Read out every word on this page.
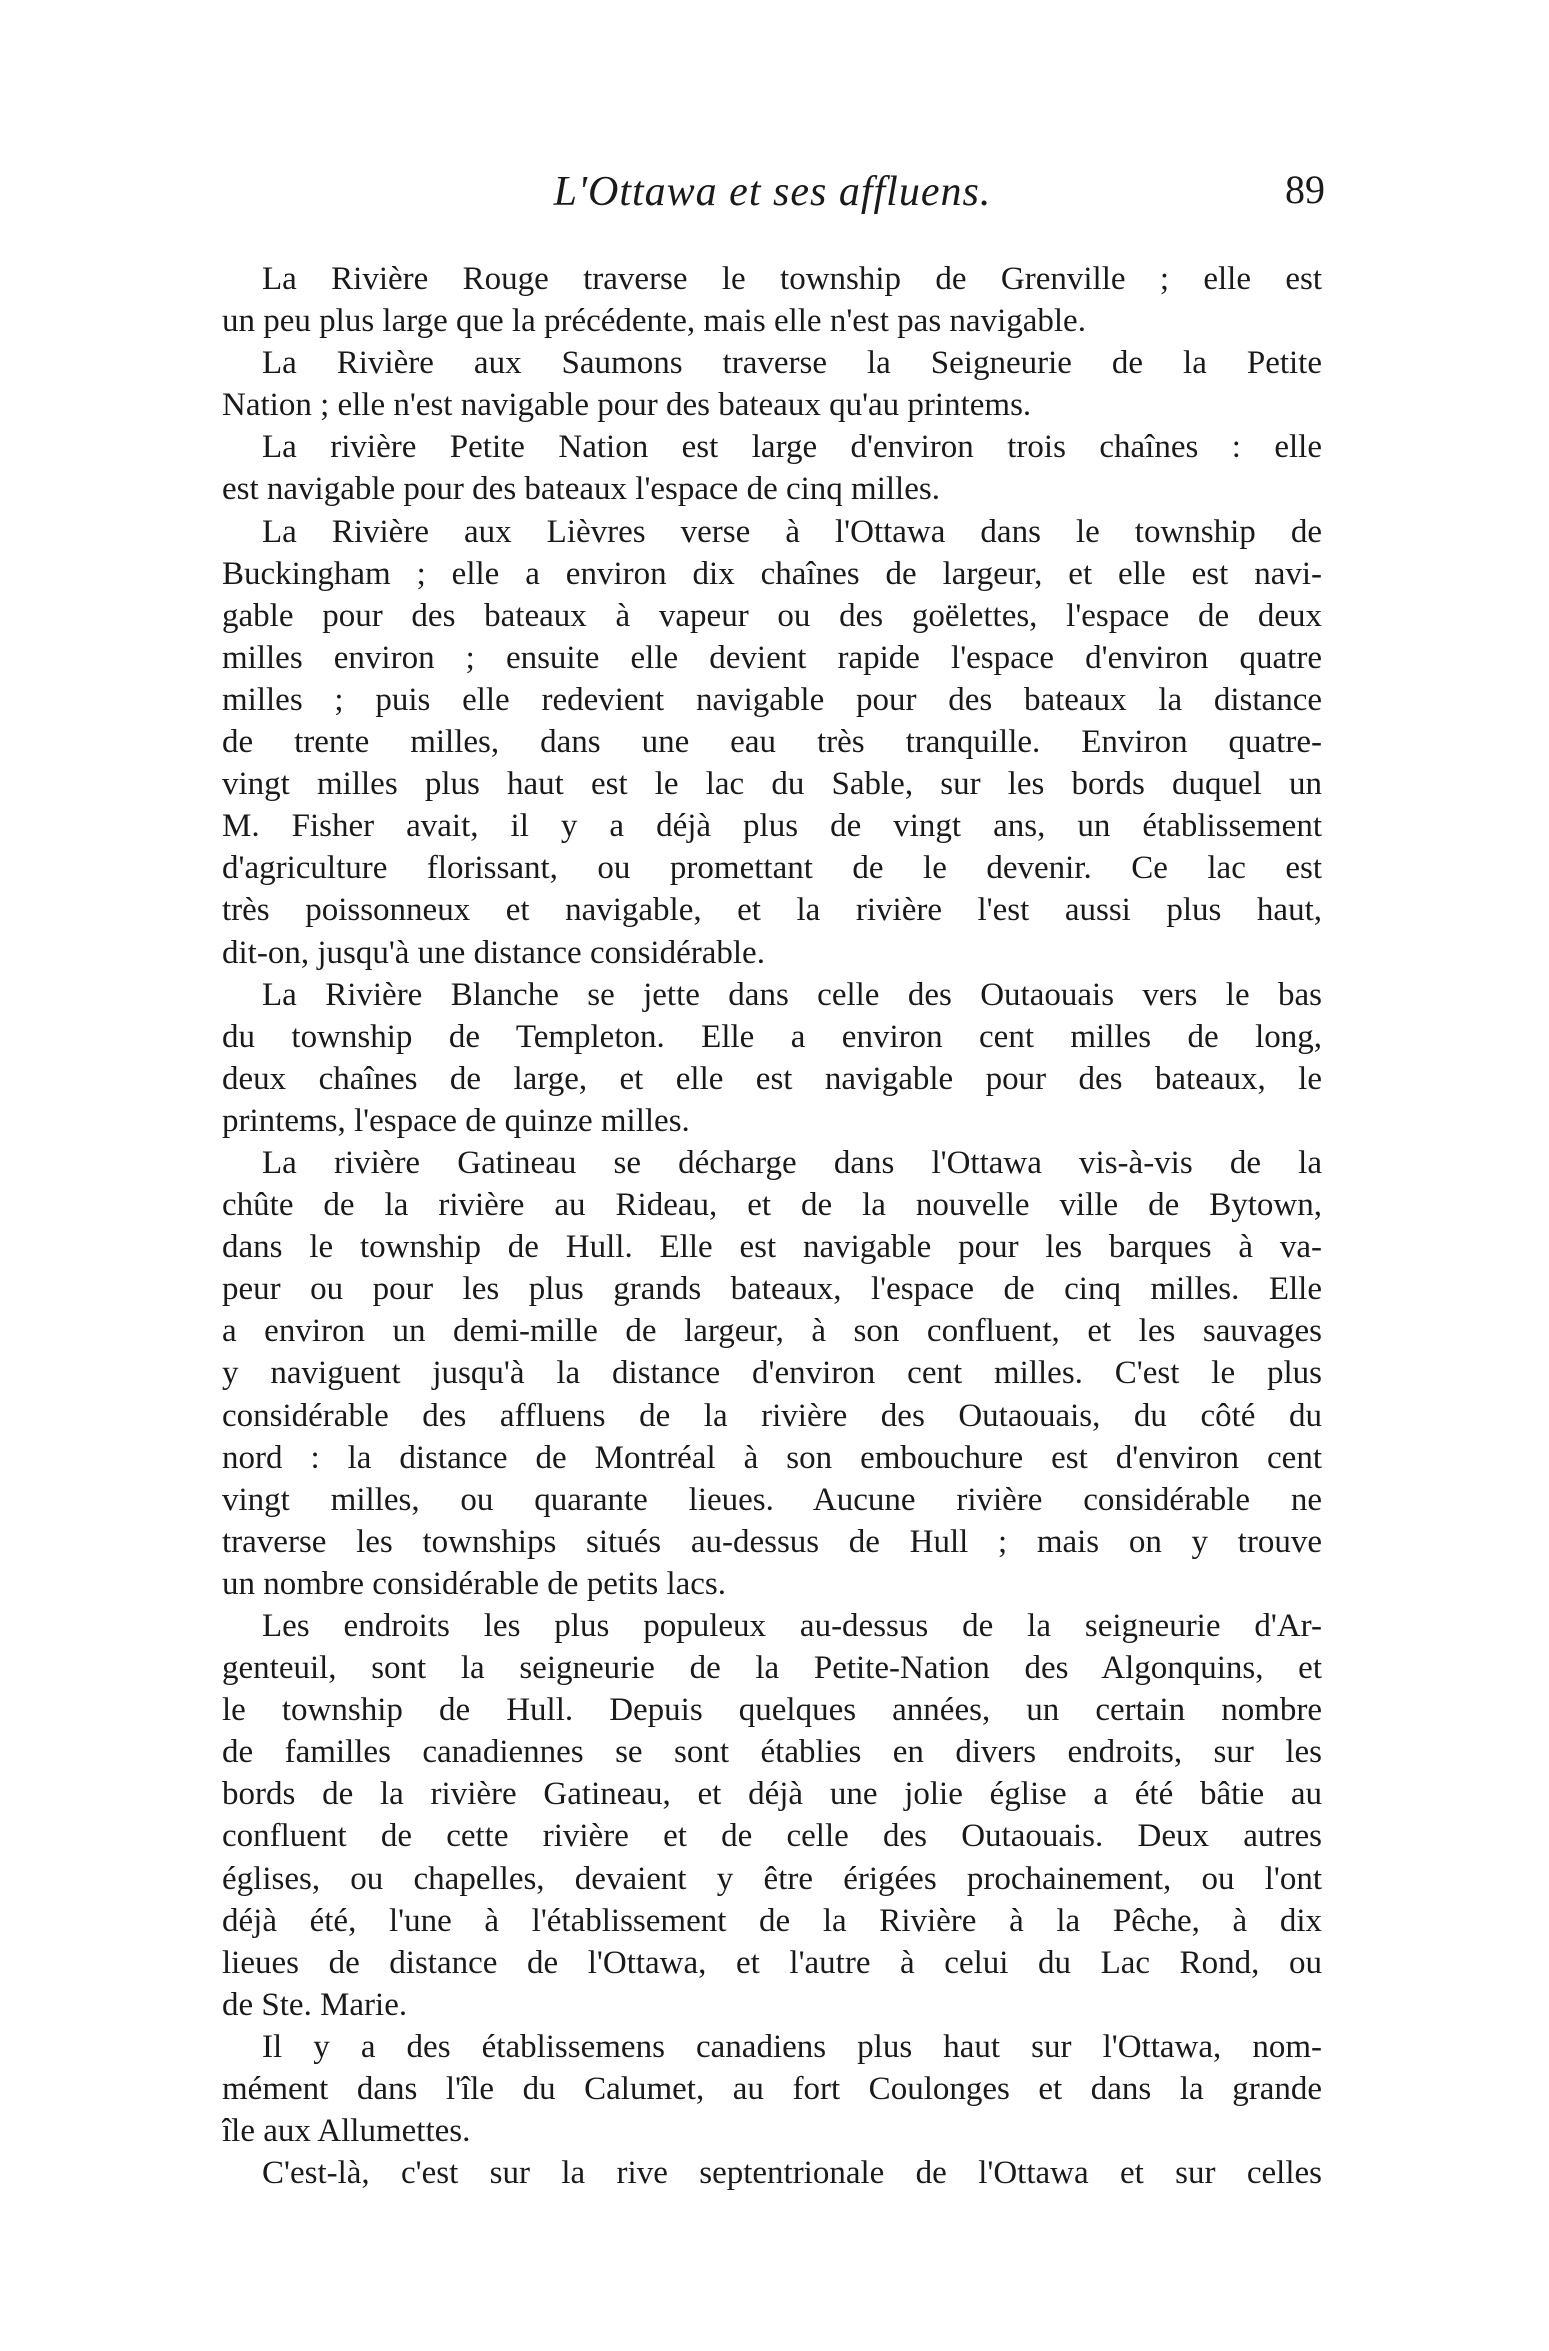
L'Ottawa et ses affluens.	89
La Rivière Rouge traverse le township de Grenville ; elle est
un peu plus large que la précédente, mais elle n'est pas navigable.
La Rivière aux Saumons traverse la Seigneurie de la Petite
Nation ; elle n'est navigable pour des bateaux qu'au printems.
La rivière Petite Nation est large d'environ trois chaînes : elle
est navigable pour des bateaux l'espace de cinq milles.
La Rivière aux Lièvres verse à l'Ottawa dans le township de
Buckingham ; elle a environ dix chaînes de largeur, et elle est navi-
gable pour des bateaux à vapeur ou des goëlettes, l'espace de deux
milles environ ; ensuite elle devient rapide l'espace d'environ quatre
milles ; puis elle redevient navigable pour des bateaux la distance
de trente milles, dans une eau très tranquille. Environ quatre-
vingt milles plus haut est le lac du Sable, sur les bords duquel un
M. Fisher avait, il y a déjà plus de vingt ans, un établissement
d'agriculture florissant, ou promettant de le devenir. Ce lac est
très poissonneux et navigable, et la rivière l'est aussi plus haut,
dit-on, jusqu'à une distance considérable.
La Rivière Blanche se jette dans celle des Outaouais vers le bas
du township de Templeton. Elle a environ cent milles de long,
deux chaînes de large, et elle est navigable pour des bateaux, le
printems, l'espace de quinze milles.
La rivière Gatineau se décharge dans l'Ottawa vis-à-vis de la
chûte de la rivière au Rideau, et de la nouvelle ville de Bytown,
dans le township de Hull. Elle est navigable pour les barques à va-
peur ou pour les plus grands bateaux, l'espace de cinq milles. Elle
a environ un demi-mille de largeur, à son confluent, et les sauvages
y naviguent jusqu'à la distance d'environ cent milles. C'est le plus
considérable des affluens de la rivière des Outaouais, du côté du
nord : la distance de Montréal à son embouchure est d'environ cent
vingt milles, ou quarante lieues. Aucune rivière considérable ne
traverse les townships situés au-dessus de Hull ; mais on y trouve
un nombre considérable de petits lacs.
Les endroits les plus populeux au-dessus de la seigneurie d'Ar-
genteuil, sont la seigneurie de la Petite-Nation des Algonquins, et
le township de Hull. Depuis quelques années, un certain nombre
de familles canadiennes se sont établies en divers endroits, sur les
bords de la rivière Gatineau, et déjà une jolie église a été bâtie au
confluent de cette rivière et de celle des Outaouais. Deux autres
églises, ou chapelles, devaient y être érigées prochainement, ou l'ont
déjà été, l'une à l'établissement de la Rivière à la Pêche, à dix
lieues de distance de l'Ottawa, et l'autre à celui du Lac Rond, ou
de Ste. Marie.
Il y a des établissemens canadiens plus haut sur l'Ottawa, nom-
mément dans l'île du Calumet, au fort Coulonges et dans la grande
île aux Allumettes.
C'est-là, c'est sur la rive septentrionale de l'Ottawa et sur celles
